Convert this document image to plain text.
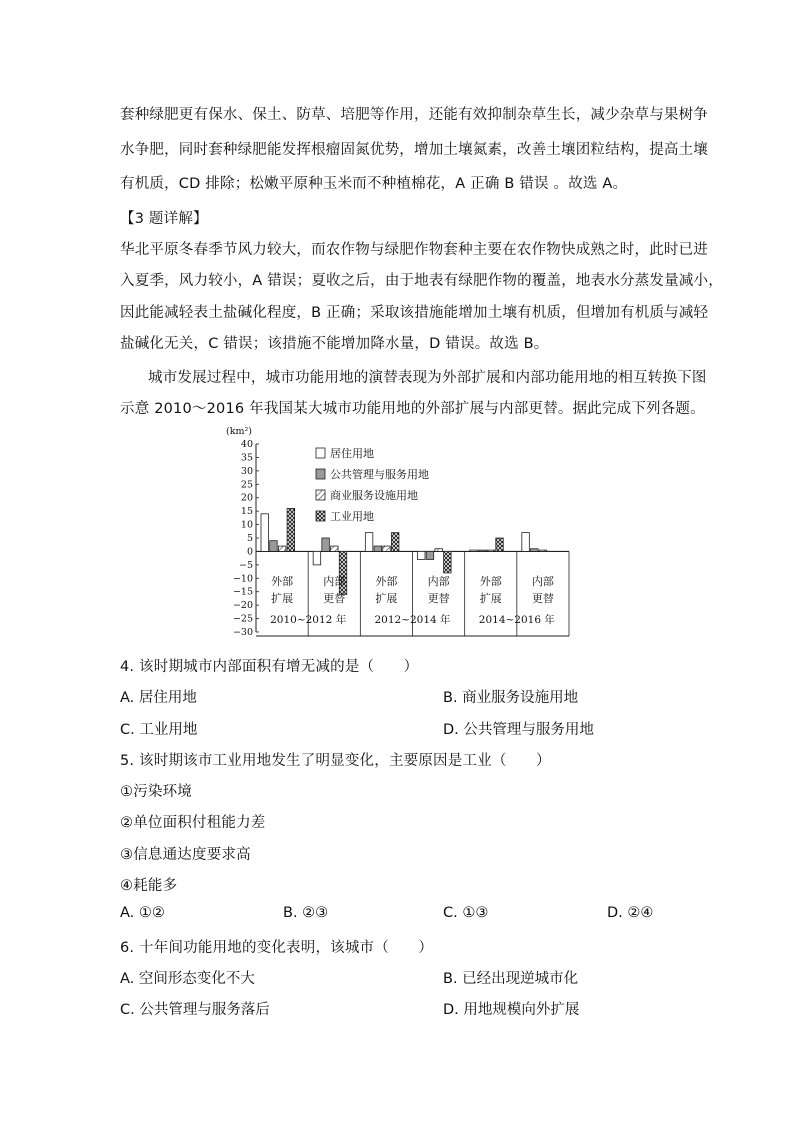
套种绿肥更有保水、保土、防草、培肥等作用，还能有效抑制杂草生长，减少杂草与果树争
水争肥，同时套种绿肥能发挥根瘤固氮优势，增加土壤氮素，改善土壤团粒结构，提高土壤
有机质，CD 排除；松嫩平原种玉米而不种植棉花，A 正确 B 错误 。故选 A。
【3 题详解】
华北平原冬春季节风力较大，而农作物与绿肥作物套种主要在农作物快成熟之时，此时已进
入夏季，风力较小，A 错误；夏收之后，由于地表有绿肥作物的覆盖，地表水分蒸发量减小，
因此能减轻表土盐碱化程度，B 正确；采取该措施能增加土壤有机质，但增加有机质与减轻
盐碱化无关，C 错误；该措施不能增加降水量，D 错误。故选 B。
城市发展过程中，城市功能用地的演替表现为外部扩展和内部功能用地的相互转换下图
示意 2010～2016 年我国某大城市功能用地的外部扩展与内部更替。据此完成下列各题。
(km²)
40
35
30
25
20
15
10
5
0
−5
−10
−15
−20
−25
−30
居住用地
公共管理与服务用地
商业服务设施用地
工业用地
外部
扩展
内部
更替
外部
扩展
内部
更替
外部
扩展
内部
更替
2010~2012 年	2012~2014 年	2014~2016 年
4. 该时期城市内部面积有增无减的是（　　）
A. 居住用地	B. 商业服务设施用地
C. 工业用地	D. 公共管理与服务用地
5. 该时期该市工业用地发生了明显变化，主要原因是工业（　　）
①污染环境
②单位面积付租能力差
③信息通达度要求高
④耗能多
A. ①②	B. ②③	C. ①③	D. ②④
6. 十年间功能用地的变化表明，该城市（　　）
A. 空间形态变化不大	B. 已经出现逆城市化
C. 公共管理与服务落后	D. 用地规模向外扩展
